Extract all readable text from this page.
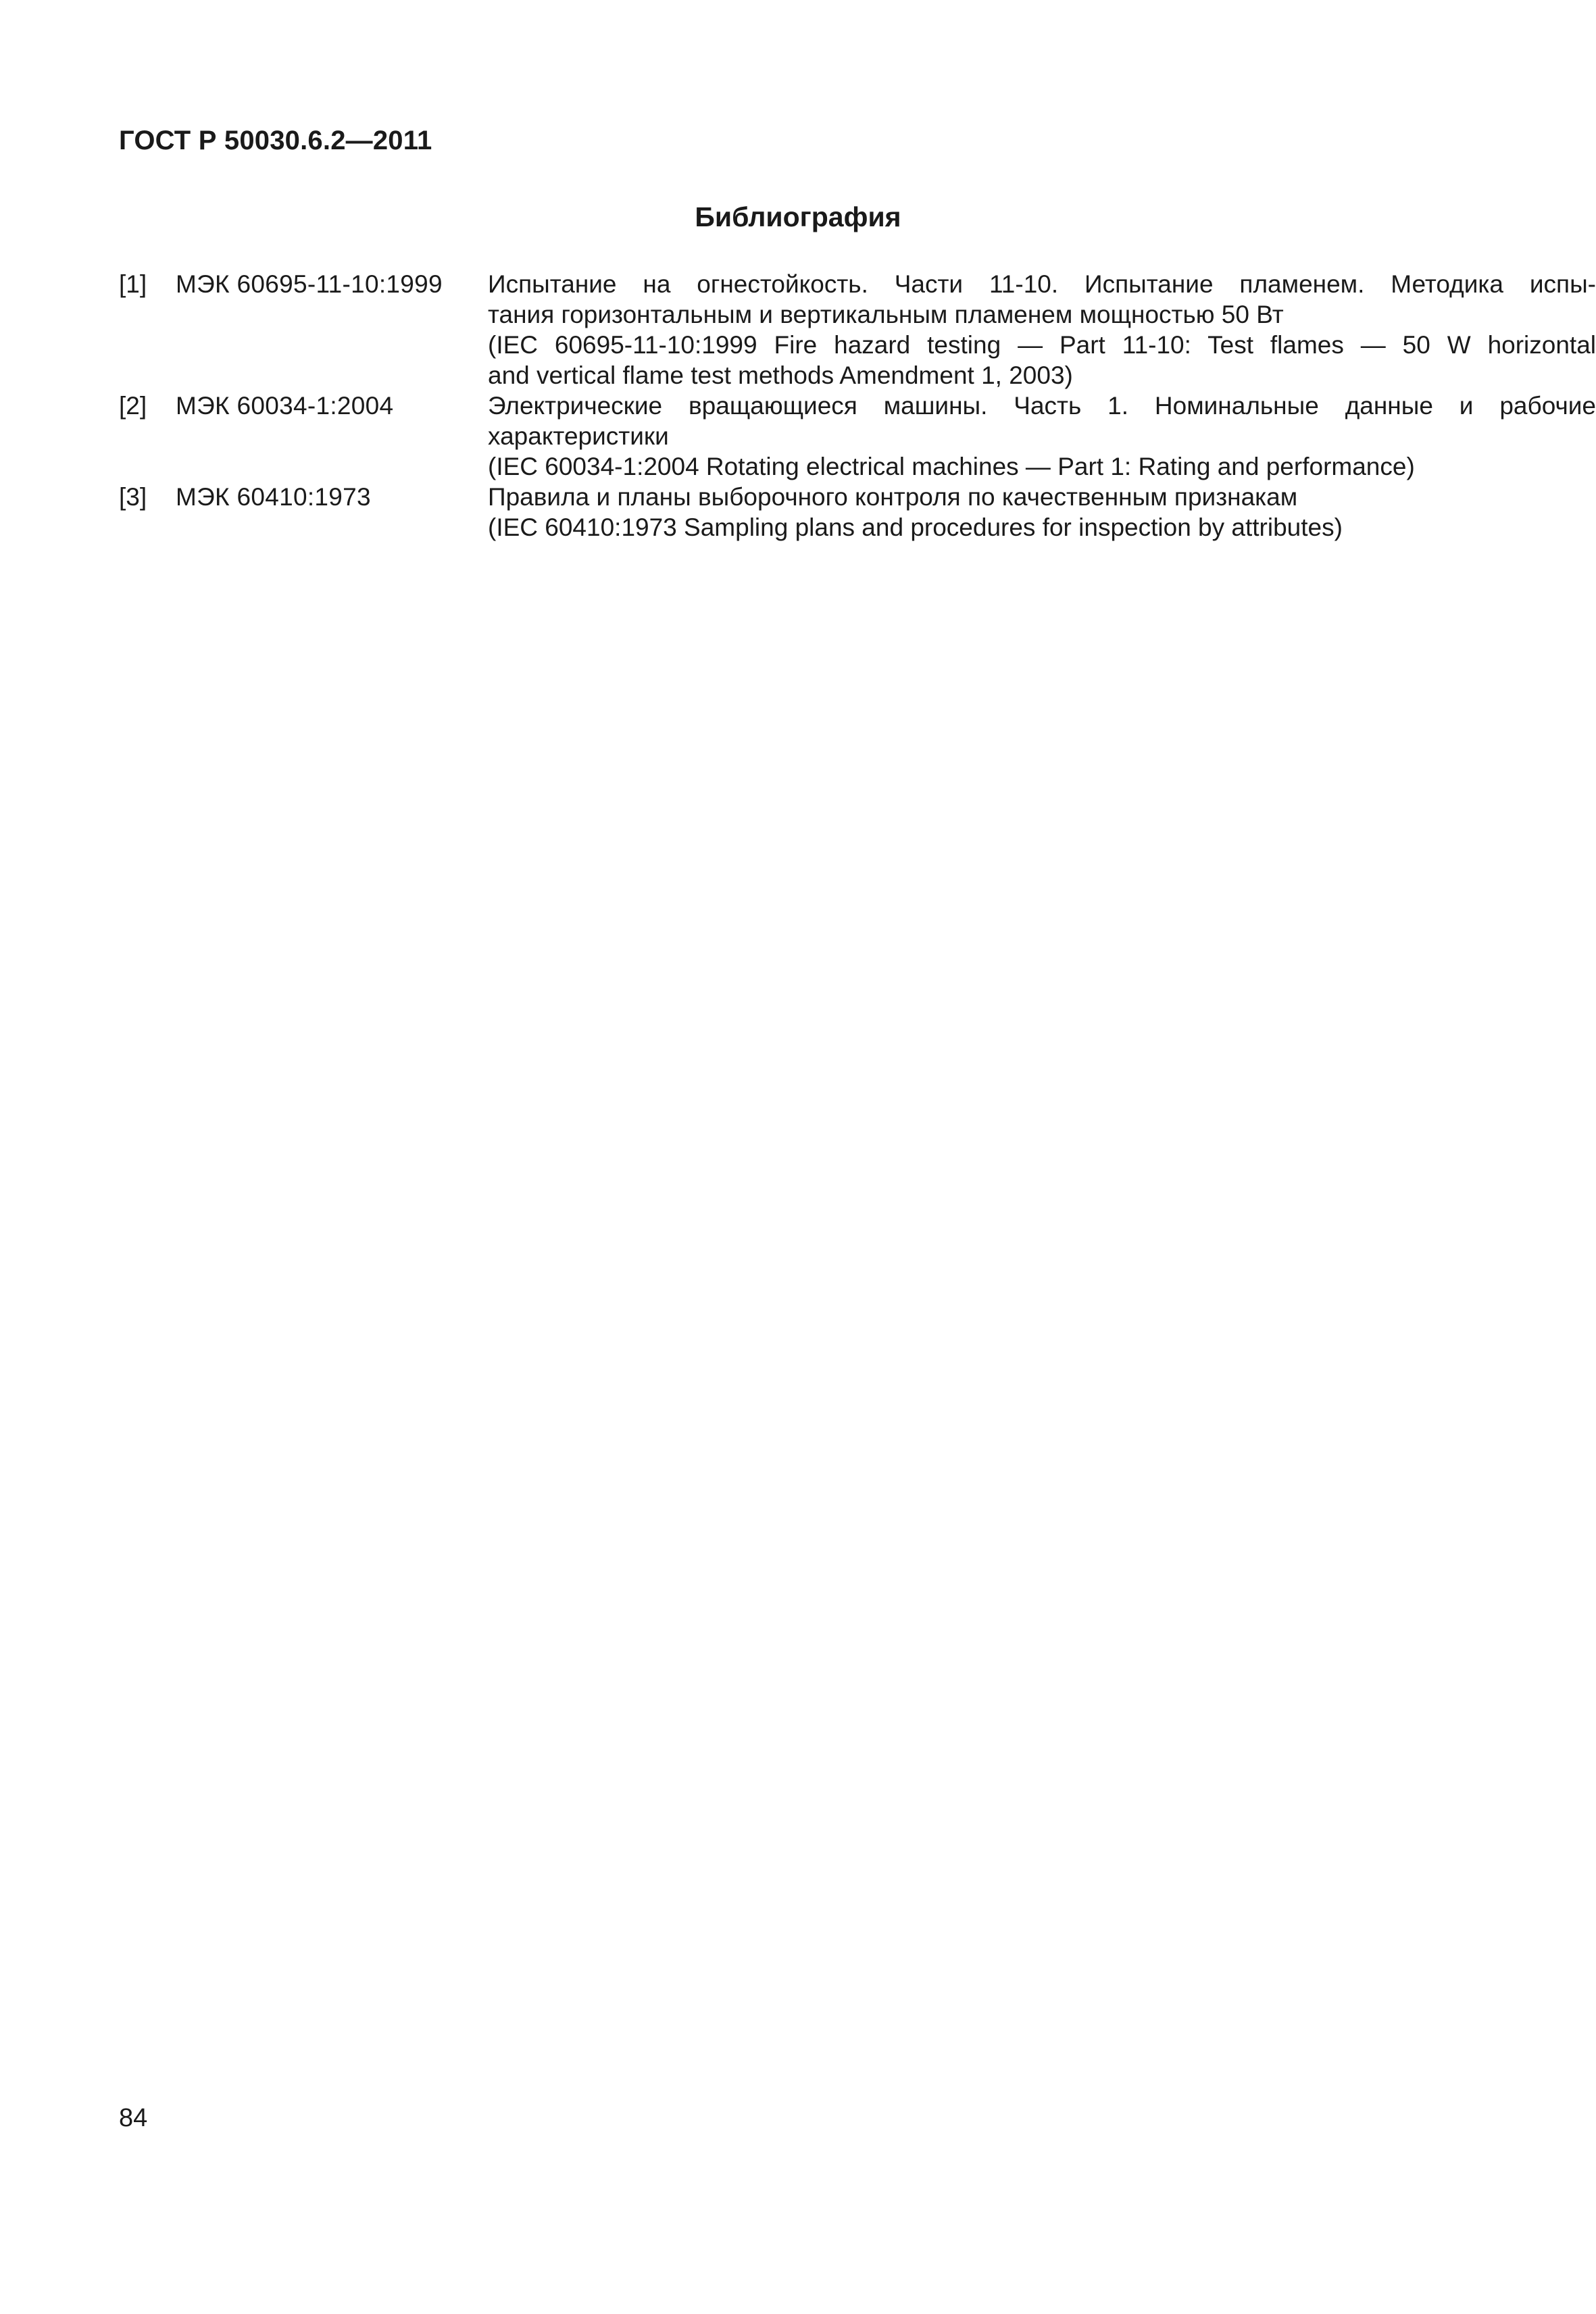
ГОСТ Р 50030.6.2—2011
Библиография
[1] МЭК 60695-11-10:1999 Испытание на огнестойкость. Части 11-10. Испытание пламенем. Методика испы-
тания горизонтальным и вертикальным пламенем мощностью 50 Вт
(IEC 60695-11-10:1999 Fire hazard testing — Part 11-10: Test flames — 50 W horizontal
and vertical flame test methods Amendment 1, 2003)
[2] МЭК 60034-1:2004	Электрические вращающиеся машины. Часть 1. Номинальные данные и рабочие
характеристики
(IEC 60034-1:2004 Rotating electrical machines — Part 1: Rating and performance)
[3] МЭК 60410:1973	Правила и планы выборочного контроля по качественным признакам
(IEC 60410:1973 Sampling plans and procedures for inspection by attributes)
84
